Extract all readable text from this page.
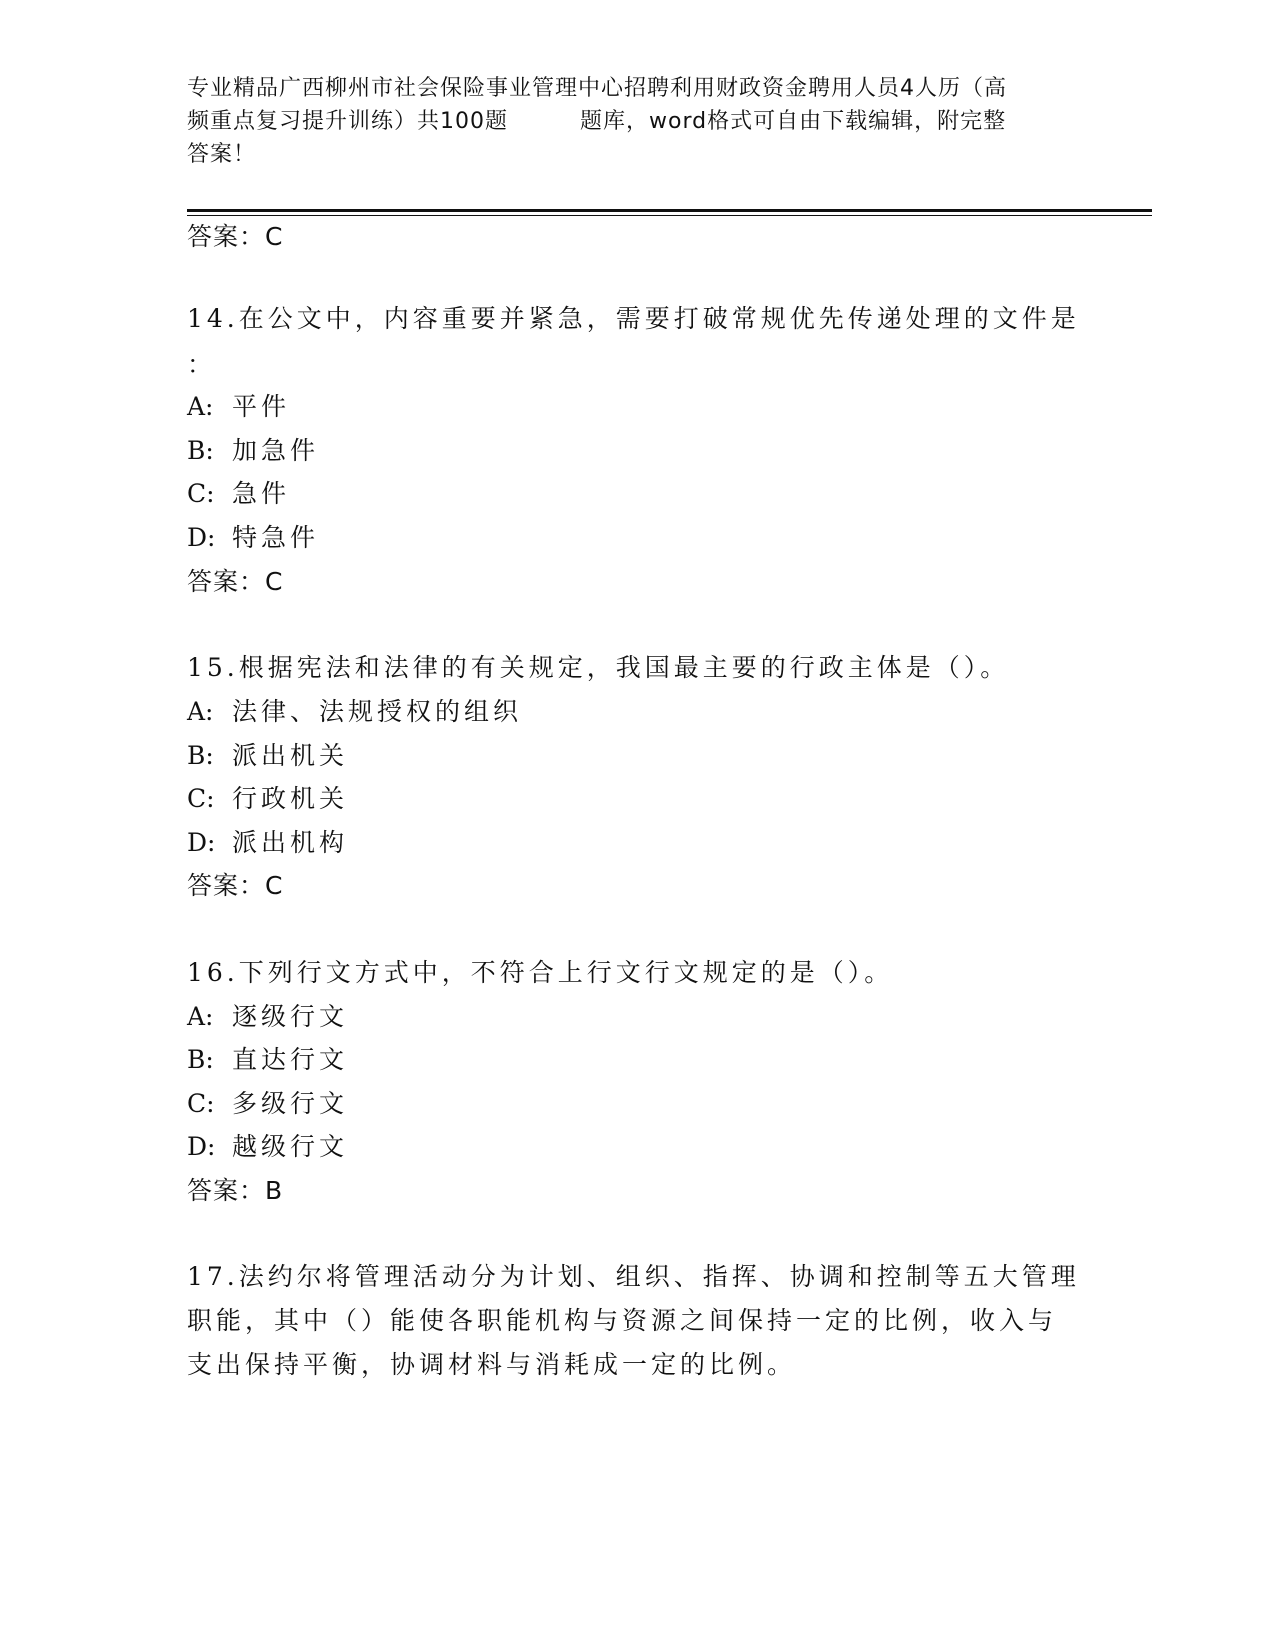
专业精品广西柳州市社会保险事业管理中心招聘利用财政资金聘用人员4人历（高
频重点复习提升训练）共100题	题库，word格式可自由下载编辑，附完整
答案！
答案：C
14.在公文中，内容重要并紧急，需要打破常规优先传递处理的文件是
：
A: 平件
B: 加急件
C: 急件
D: 特急件
答案：C
15.根据宪法和法律的有关规定，我国最主要的行政主体是（）。
A: 法律、法规授权的组织
B: 派出机关
C: 行政机关
D: 派出机构
答案：C
16.下列行文方式中，不符合上行文行文规定的是（）。
A: 逐级行文
B: 直达行文
C: 多级行文
D: 越级行文
答案：B
17.法约尔将管理活动分为计划、组织、指挥、协调和控制等五大管理
职能，其中（）能使各职能机构与资源之间保持一定的比例，收入与
支出保持平衡，协调材料与消耗成一定的比例。
